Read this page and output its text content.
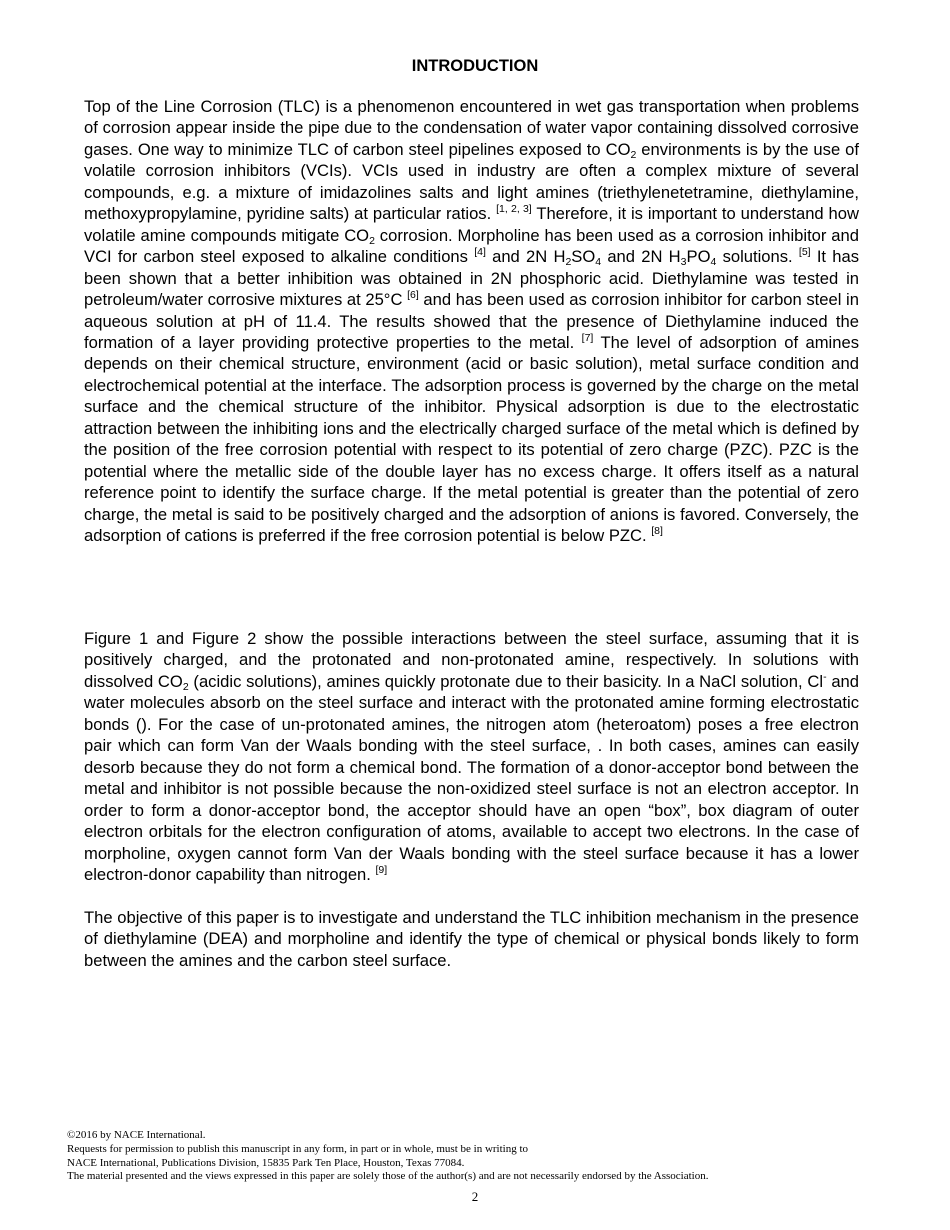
INTRODUCTION

Top of the Line Corrosion (TLC) is a phenomenon encountered in wet gas transportation when problems of corrosion appear inside the pipe due to the condensation of water vapor containing dissolved corrosive gases. One way to minimize TLC of carbon steel pipelines exposed to $CO_2$ environments is by the use of volatile corrosion inhibitors (VCIs). VCIs used in industry are often a complex mixture of several compounds, e.g. a mixture of imidazolines salts and light amines (triethylenetetramine, diethylamine, methoxypropylamine, pyridine salts) at particular ratios. [1, 2, 3] Therefore, it is important to understand how volatile amine compounds mitigate $CO_2$ corrosion. Morpholine has been used as a corrosion inhibitor and VCI for carbon steel exposed to alkaline conditions [4] and 2N $H_2SO_4$ and 2N $H_3PO_4$ solutions. [5] It has been shown that a better inhibition was obtained in 2N phosphoric acid. Diethylamine was tested in petroleum/water corrosive mixtures at 25°C [6] and has been used as corrosion inhibitor for carbon steel in aqueous solution at pH of 11.4. The results showed that the presence of Diethylamine induced the formation of a layer providing protective properties to the metal. [7] The level of adsorption of amines depends on their chemical structure, environment (acid or basic solution), metal surface condition and electrochemical potential at the interface. The adsorption process is governed by the charge on the metal surface and the chemical structure of the inhibitor. Physical adsorption is due to the electrostatic attraction between the inhibiting ions and the electrically charged surface of the metal which is defined by the position of the free corrosion potential with respect to its potential of zero charge (PZC). PZC is the potential where the metallic side of the double layer has no excess charge. It offers itself as a natural reference point to identify the surface charge. If the metal potential is greater than the potential of zero charge, the metal is said to be positively charged and the adsorption of anions is favored. Conversely, the adsorption of cations is preferred if the free corrosion potential is below PZC. [8]

Figure 1 and Figure 2 show the possible interactions between the steel surface, assuming that it is positively charged, and the protonated and non-protonated amine, respectively. In solutions with dissolved $CO_2$ (acidic solutions), amines quickly protonate due to their basicity. In a NaCl solution, Cl- and water molecules absorb on the steel surface and interact with the protonated amine forming electrostatic bonds (). For the case of un-protonated amines, the nitrogen atom (heteroatom) poses a free electron pair which can form Van der Waals bonding with the steel surface, . In both cases, amines can easily desorb because they do not form a chemical bond. The formation of a donor-acceptor bond between the metal and inhibitor is not possible because the non-oxidized steel surface is not an electron acceptor. In order to form a donor-acceptor bond, the acceptor should have an open “box”, box diagram of outer electron orbitals for the electron configuration of atoms, available to accept two electrons. In the case of morpholine, oxygen cannot form Van der Waals bonding with the steel surface because it has a lower electron-donor capability than nitrogen. [9]

The objective of this paper is to investigate and understand the TLC inhibition mechanism in the presence of diethylamine (DEA) and morpholine and identify the type of chemical or physical bonds likely to form between the amines and the carbon steel surface.

©2016 by NACE International.
Requests for permission to publish this manuscript in any form, in part or in whole, must be in writing to
NACE International, Publications Division, 15835 Park Ten Place, Houston, Texas 77084.
The material presented and the views expressed in this paper are solely those of the author(s) and are not necessarily endorsed by the Association.
2
